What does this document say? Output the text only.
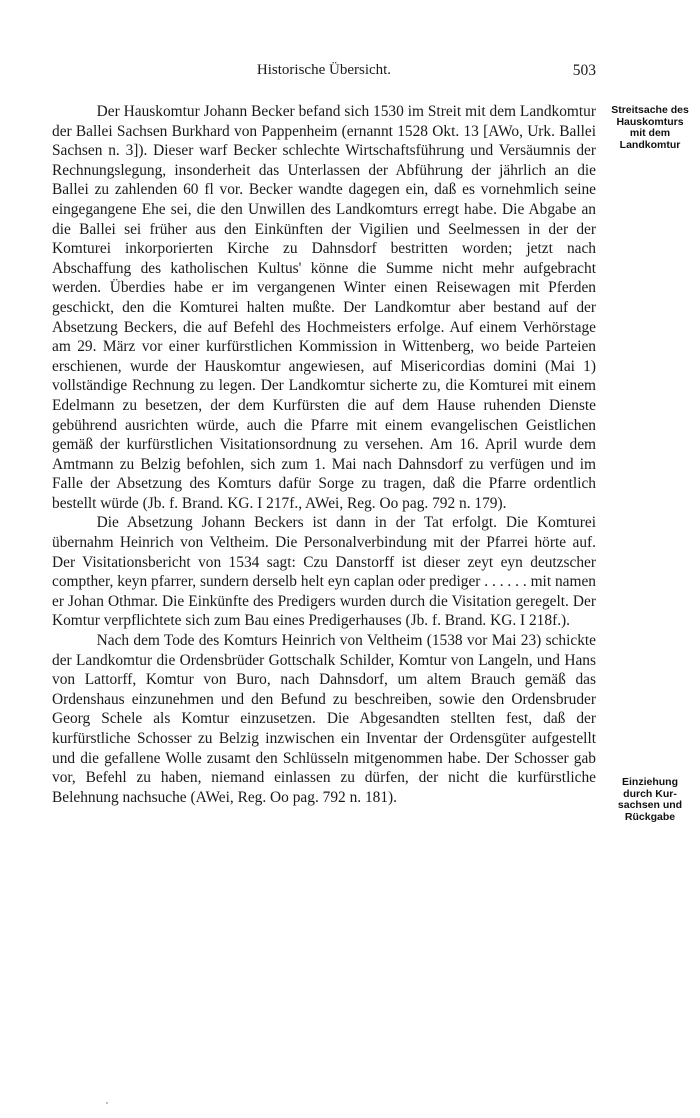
Historische Übersicht.	503

Der Hauskomtur Johann Becker befand sich 1530 im Streit mit dem Landkomtur der Ballei Sachsen Burkhard von Pappenheim (ernannt 1528 Okt. 13 [AWo, Urk. Ballei Sachsen n. 3]). Dieser warf Becker schlechte Wirtschaftsführung und Versäumnis der Rechnungslegung, insonderheit das Unterlassen der Abführung der jährlich an die Ballei zu zahlenden 60 fl vor. Becker wandte dagegen ein, daß es vornehmlich seine eingegangene Ehe sei, die den Unwillen des Landkomturs erregt habe. Die Abgabe an die Ballei sei früher aus den Einkünften der Vigilien und Seelmessen in der der Komturei inkorporierten Kirche zu Dahnsdorf bestritten worden; jetzt nach Abschaffung des katholischen Kultus' könne die Summe nicht mehr aufgebracht werden. Überdies habe er im vergangenen Winter einen Reisewagen mit Pferden geschickt, den die Komturei halten mußte. Der Landkomtur aber bestand auf der Absetzung Beckers, die auf Befehl des Hochmeisters erfolge. Auf einem Verhörstage am 29. März vor einer kurfürstlichen Kommission in Wittenberg, wo beide Parteien erschienen, wurde der Hauskomtur angewiesen, auf Misericordias domini (Mai 1) vollständige Rechnung zu legen. Der Landkomtur sicherte zu, die Komturei mit einem Edelmann zu besetzen, der dem Kurfürsten die auf dem Hause ruhenden Dienste gebührend ausrichten würde, auch die Pfarre mit einem evangelischen Geistlichen gemäß der kurfürstlichen Visitationsordnung zu versehen. Am 16. April wurde dem Amtmann zu Belzig befohlen, sich zum 1. Mai nach Dahnsdorf zu verfügen und im Falle der Absetzung des Komturs dafür Sorge zu tragen, daß die Pfarre ordentlich bestellt würde (Jb. f. Brand. KG. I 217f., AWei, Reg. Oo pag. 792 n. 179).

Die Absetzung Johann Beckers ist dann in der Tat erfolgt. Die Komturei übernahm Heinrich von Veltheim. Die Personalverbindung mit der Pfarrei hörte auf. Der Visitationsbericht von 1534 sagt: Czu Danstorff ist dieser zeyt eyn deutzscher compther, keyn pfarrer, sundern derselb helt eyn caplan oder prediger . . . . . . mit namen er Johan Othmar. Die Einkünfte des Predigers wurden durch die Visitation geregelt. Der Komtur verpflichtete sich zum Bau eines Predigerhauses (Jb. f. Brand. KG. I 218f.).

Nach dem Tode des Komturs Heinrich von Veltheim (1538 vor Mai 23) schickte der Landkomtur die Ordensbrüder Gottschalk Schilder, Komtur von Langeln, und Hans von Lattorff, Komtur von Buro, nach Dahnsdorf, um altem Brauch gemäß das Ordenshaus einzunehmen und den Befund zu beschreiben, sowie den Ordensbruder Georg Schele als Komtur einzusetzen. Die Abgesandten stellten fest, daß der kurfürstliche Schosser zu Belzig inzwischen ein Inventar der Ordensgüter aufgestellt und die gefallene Wolle zusamt den Schlüsseln mitgenommen habe. Der Schosser gab vor, Befehl zu haben, niemand einlassen zu dürfen, der nicht die kurfürstliche Belehnung nachsuche (AWei, Reg. Oo pag. 792 n. 181).

Streitsache des
Hauskomturs
mit dem
Landkomtur
Einziehung
durch Kur-
sachsen und
Rückgabe
